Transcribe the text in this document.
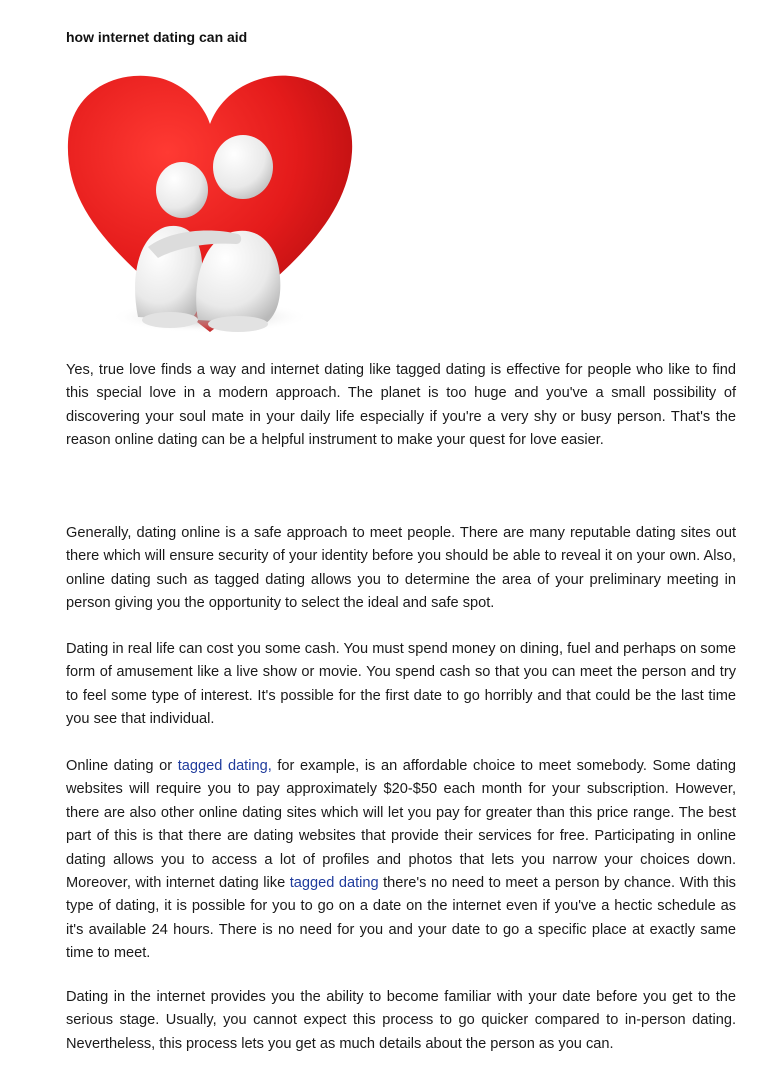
how internet dating can aid

Yes, true love finds a way and internet dating like tagged dating is effective for people who like to find this special love in a modern approach. The planet is too huge and you've a small possibility of discovering your soul mate in your daily life especially if you're a very shy or busy person. That's the reason online dating can be a helpful instrument to make your quest for love easier.

Generally, dating online is a safe approach to meet people. There are many reputable dating sites out there which will ensure security of your identity before you should be able to reveal it on your own. Also, online dating such as tagged dating allows you to determine the area of your preliminary meeting in person giving you the opportunity to select the ideal and safe spot.

Dating in real life can cost you some cash. You must spend money on dining, fuel and perhaps on some form of amusement like a live show or movie. You spend cash so that you can meet the person and try to feel some type of interest. It's possible for the first date to go horribly and that could be the last time you see that individual.

Online dating or tagged dating, for example, is an affordable choice to meet somebody. Some dating websites will require you to pay approximately $20-$50 each month for your subscription. However, there are also other online dating sites which will let you pay for greater than this price range. The best part of this is that there are dating websites that provide their services for free. Participating in online dating allows you to access a lot of profiles and photos that lets you narrow your choices down. Moreover, with internet dating like tagged dating there's no need to meet a person by chance. With this type of dating, it is possible for you to go on a date on the internet even if you've a hectic schedule as it's available 24 hours. There is no need for you and your date to go a specific place at exactly same time to meet.

Dating in the internet provides you the ability to become familiar with your date before you get to the serious stage. Usually, you cannot expect this process to go quicker compared to in-person dating. Nevertheless, this process lets you get as much details about the person as you can.
